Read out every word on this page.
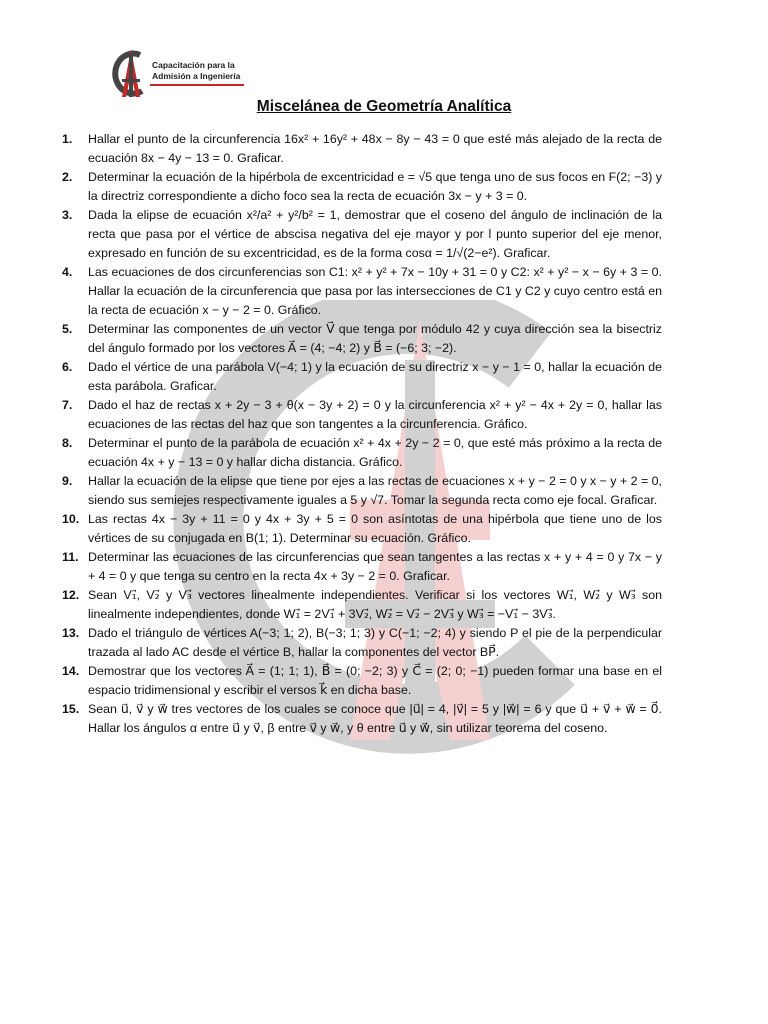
Capacitación para la
Admisión a Ingeniería
Miscelánea de Geometría Analítica
1. Hallar el punto de la circunferencia 16x² + 16y² + 48x − 8y − 43 = 0 que esté más alejado de la recta de ecuación 8x − 4y − 13 = 0. Graficar.
2. Determinar la ecuación de la hipérbola de excentricidad e = √5 que tenga uno de sus focos en F(2; −3) y la directriz correspondiente a dicho foco sea la recta de ecuación 3x − y + 3 = 0.
3. Dada la elipse de ecuación x²/a² + y²/b² = 1, demostrar que el coseno del ángulo de inclinación de la recta que pasa por el vértice de abscisa negativa del eje mayor y por l punto superior del eje menor, expresado en función de su excentricidad, es de la forma cosα = 1/√(2−e²). Graficar.
4. Las ecuaciones de dos circunferencias son C1: x² + y² + 7x − 10y + 31 = 0 y C2: x² + y² − x − 6y + 3 = 0. Hallar la ecuación de la circunferencia que pasa por las intersecciones de C1 y C2 y cuyo centro está en la recta de ecuación x − y − 2 = 0. Gráfico.
5. Determinar las componentes de un vector V⃗ que tenga por módulo 42 y cuya dirección sea la bisectriz del ángulo formado por los vectores A⃗ = (4; −4; 2) y B⃗ = (−6; 3; −2).
6. Dado el vértice de una parábola V(−4; 1) y la ecuación de su directriz x − y − 1 = 0, hallar la ecuación de esta parábola. Graficar.
7. Dado el haz de rectas x + 2y − 3 + θ(x − 3y + 2) = 0 y la circunferencia x² + y² − 4x + 2y = 0, hallar las ecuaciones de las rectas del haz que son tangentes a la circunferencia. Gráfico.
8. Determinar el punto de la parábola de ecuación x² + 4x + 2y − 2 = 0, que esté más próximo a la recta de ecuación 4x + y − 13 = 0 y hallar dicha distancia. Gráfico.
9. Hallar la ecuación de la elipse que tiene por ejes a las rectas de ecuaciones x + y − 2 = 0 y x − y + 2 = 0, siendo sus semiejes respectivamente iguales a 5 y √7. Tomar la segunda recta como eje focal. Graficar.
10. Las rectas 4x − 3y + 11 = 0 y 4x + 3y + 5 = 0 son asíntotas de una hipérbola que tiene uno de los vértices de su conjugada en B(1; 1). Determinar su ecuación. Gráfico.
11. Determinar las ecuaciones de las circunferencias que sean tangentes a las rectas x + y + 4 = 0 y 7x − y + 4 = 0 y que tenga su centro en la recta 4x + 3y − 2 = 0. Graficar.
12. Sean V₁⃗, V₂⃗ y V₃⃗ vectores linealmente independientes. Verificar si los vectores W₁⃗, W₂⃗ y W₃⃗ son linealmente independientes, donde W₁⃗ = 2V₁⃗ + 3V₂⃗, W₂⃗ = V₂⃗ − 2V₃⃗ y W₃⃗ = −V₁⃗ − 3V₃⃗.
13. Dado el triángulo de vértices A(−3; 1; 2), B(−3; 1; 3) y C(−1; −2; 4) y siendo P el pie de la perpendicular trazada al lado AC desde el vértice B, hallar la componentes del vector BP⃗.
14. Demostrar que los vectores A⃗ = (1; 1; 1), B⃗ = (0; −2; 3) y C⃗ = (2; 0; −1) pueden formar una base en el espacio tridimensional y escribir el versos k⃗ en dicha base.
15. Sean u⃗, v⃗ y w⃗ tres vectores de los cuales se conoce que |u⃗| = 4, |v⃗| = 5 y |w⃗| = 6 y que u⃗ + v⃗ + w⃗ = 0⃗. Hallar los ángulos α entre u⃗ y v⃗, β entre v⃗ y w⃗, y θ entre u⃗ y w⃗, sin utilizar teorema del coseno.
